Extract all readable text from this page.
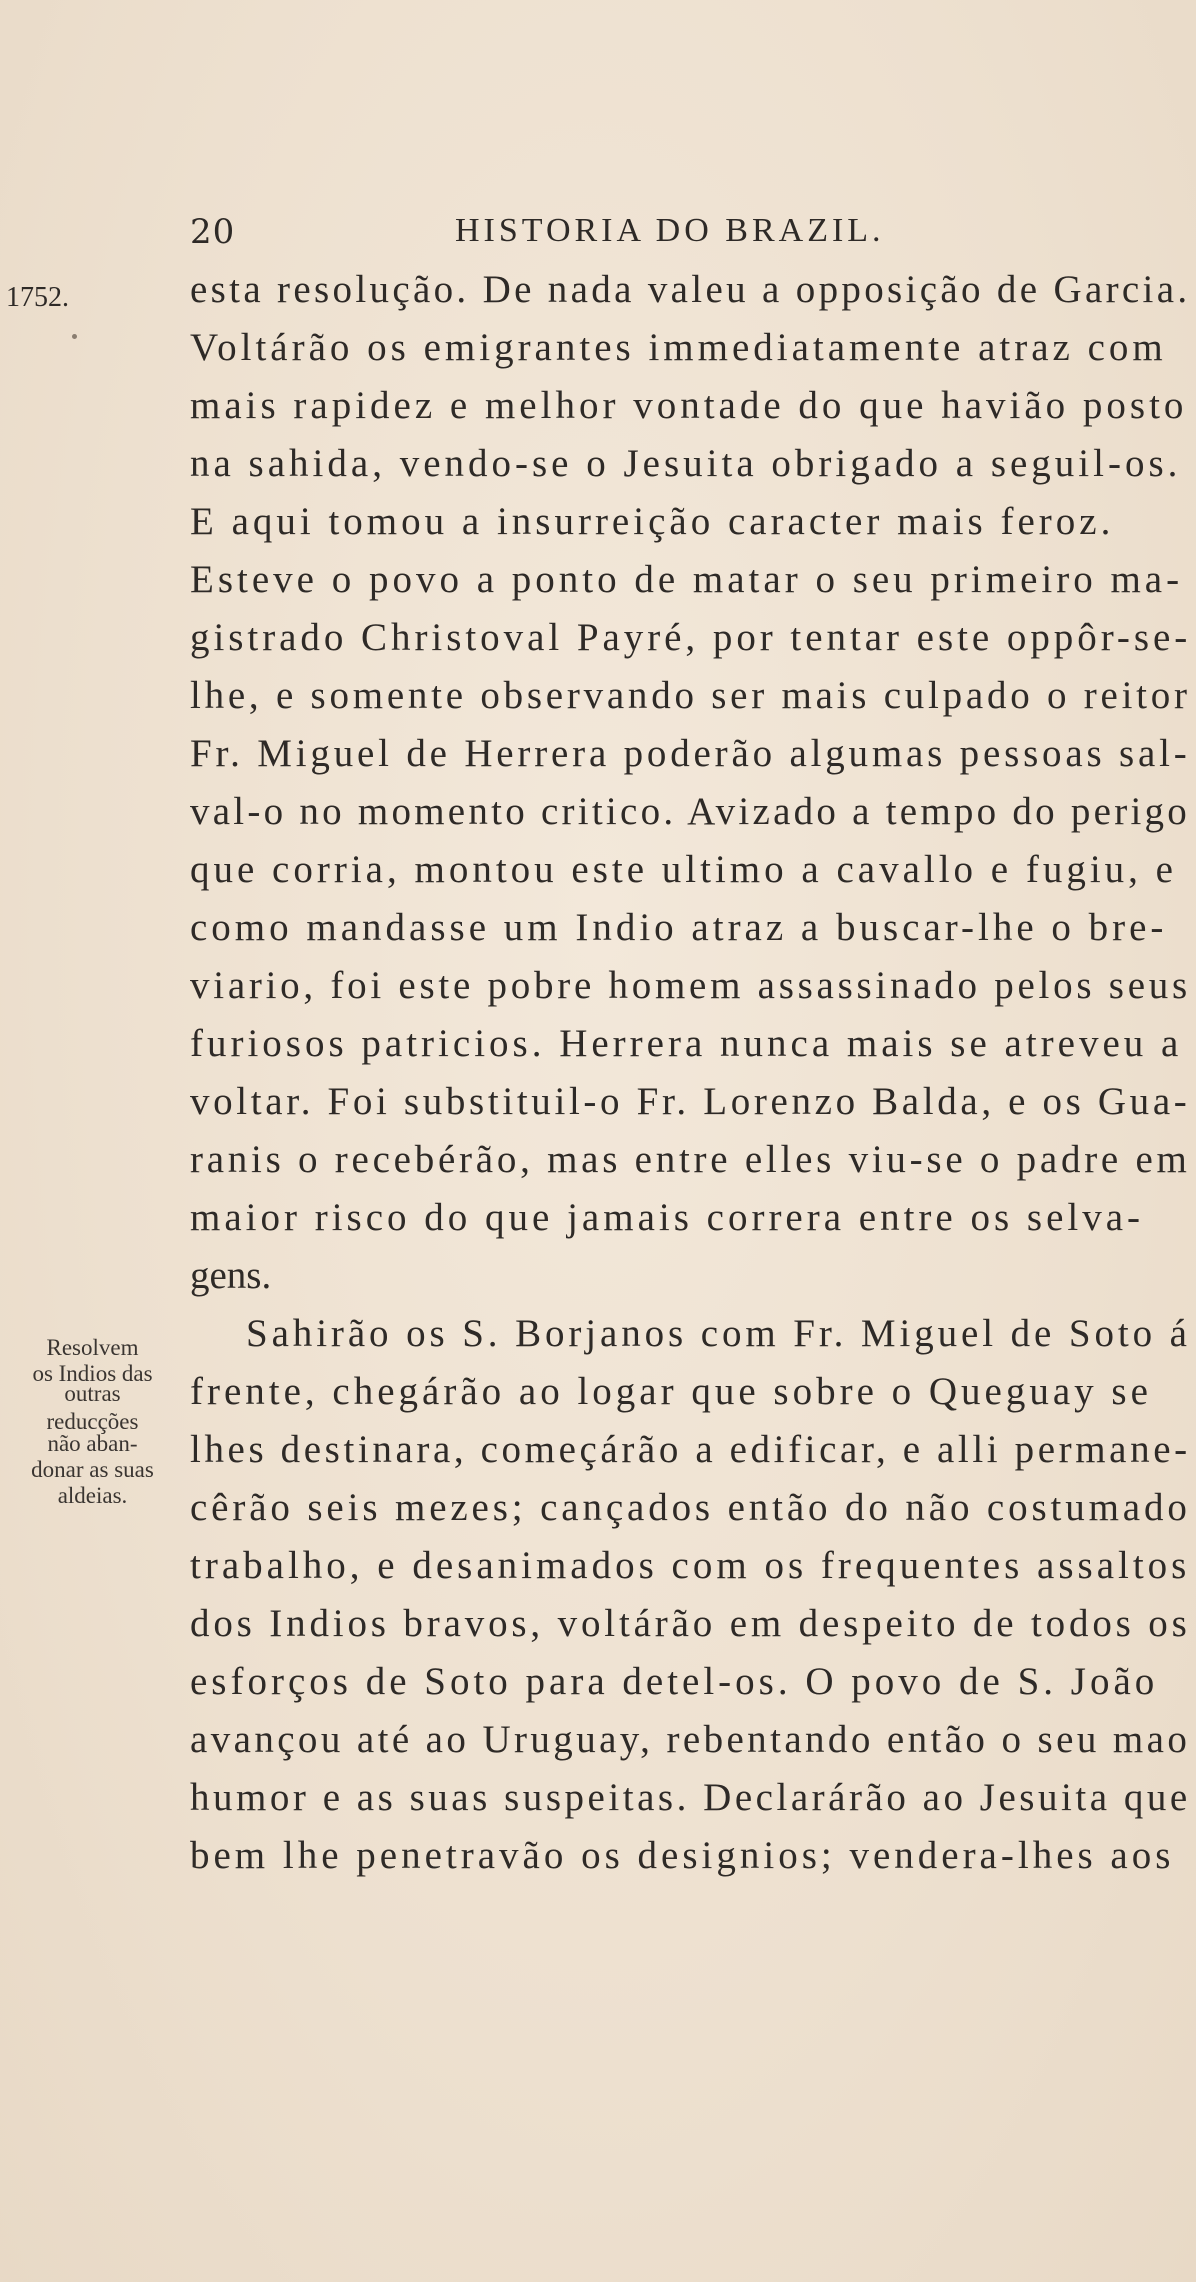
20	HISTORIA DO BRAZIL.
1752.
Resolvem
os Indios das
outras
reducções
não aban-
donar as suas
aldeias.
esta resolução. De nada valeu a opposição de Garcia.
Voltárão os emigrantes immediatamente atraz com
mais rapidez e melhor vontade do que havião posto
na sahida, vendo-se o Jesuita obrigado a seguil-os.
E aqui tomou a insurreição caracter mais feroz.
Esteve o povo a ponto de matar o seu primeiro ma-
gistrado Christoval Payré, por tentar este oppôr-se-
lhe, e somente observando ser mais culpado o reitor
Fr. Miguel de Herrera poderão algumas pessoas sal-
val-o no momento critico. Avizado a tempo do perigo
que corria, montou este ultimo a cavallo e fugiu, e
como mandasse um Indio atraz a buscar-lhe o bre-
viario, foi este pobre homem assassinado pelos seus
furiosos patricios. Herrera nunca mais se atreveu a
voltar. Foi substituil-o Fr. Lorenzo Balda, e os Gua-
ranis o recebérão, mas entre elles viu-se o padre em
maior risco do que jamais correra entre os selva-
gens.
Sahirão os S. Borjanos com Fr. Miguel de Soto á
frente, chegárão ao logar que sobre o Queguay se
lhes destinara, começárão a edificar, e alli permane-
cêrão seis mezes; cançados então do não costumado
trabalho, e desanimados com os frequentes assaltos
dos Indios bravos, voltárão em despeito de todos os
esforços de Soto para detel-os. O povo de S. João
avançou até ao Uruguay, rebentando então o seu mao
humor e as suas suspeitas. Declarárão ao Jesuita que
bem lhe penetravão os designios; vendera-lhes aos
